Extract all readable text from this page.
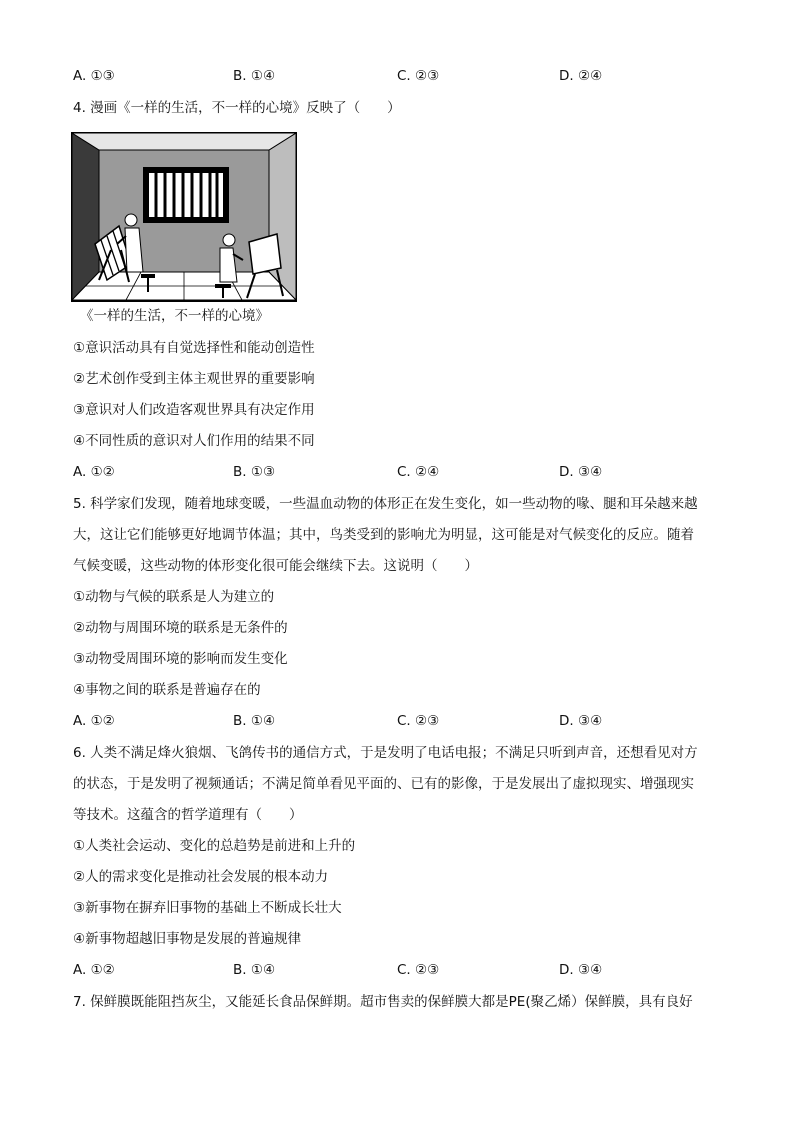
A. ①③	B. ①④	C. ②③	D. ②④
4. 漫画《一样的生活，不一样的心境》反映了（　　）
《一样的生活，不一样的心境》
①意识活动具有自觉选择性和能动创造性
②艺术创作受到主体主观世界的重要影响
③意识对人们改造客观世界具有决定作用
④不同性质的意识对人们作用的结果不同
A. ①②	B. ①③	C. ②④	D. ③④
5. 科学家们发现，随着地球变暖，一些温血动物的体形正在发生变化，如一些动物的喙、腿和耳朵越来越
大，这让它们能够更好地调节体温；其中，鸟类受到的影响尤为明显，这可能是对气候变化的反应。随着
气候变暖，这些动物的体形变化很可能会继续下去。这说明（　　）
①动物与气候的联系是人为建立的
②动物与周围环境的联系是无条件的
③动物受周围环境的影响而发生变化
④事物之间的联系是普遍存在的
A. ①②	B. ①④	C. ②③	D. ③④
6. 人类不满足烽火狼烟、飞鸽传书的通信方式，于是发明了电话电报；不满足只听到声音，还想看见对方
的状态，于是发明了视频通话；不满足简单看见平面的、已有的影像，于是发展出了虚拟现实、增强现实
等技术。这蕴含的哲学道理有（　　）
①人类社会运动、变化的总趋势是前进和上升的
②人的需求变化是推动社会发展的根本动力
③新事物在摒弃旧事物的基础上不断成长壮大
④新事物超越旧事物是发展的普遍规律
A. ①②	B. ①④	C. ②③	D. ③④
7. 保鲜膜既能阻挡灰尘，又能延长食品保鲜期。超市售卖的保鲜膜大都是PE(聚乙烯）保鲜膜，具有良好
